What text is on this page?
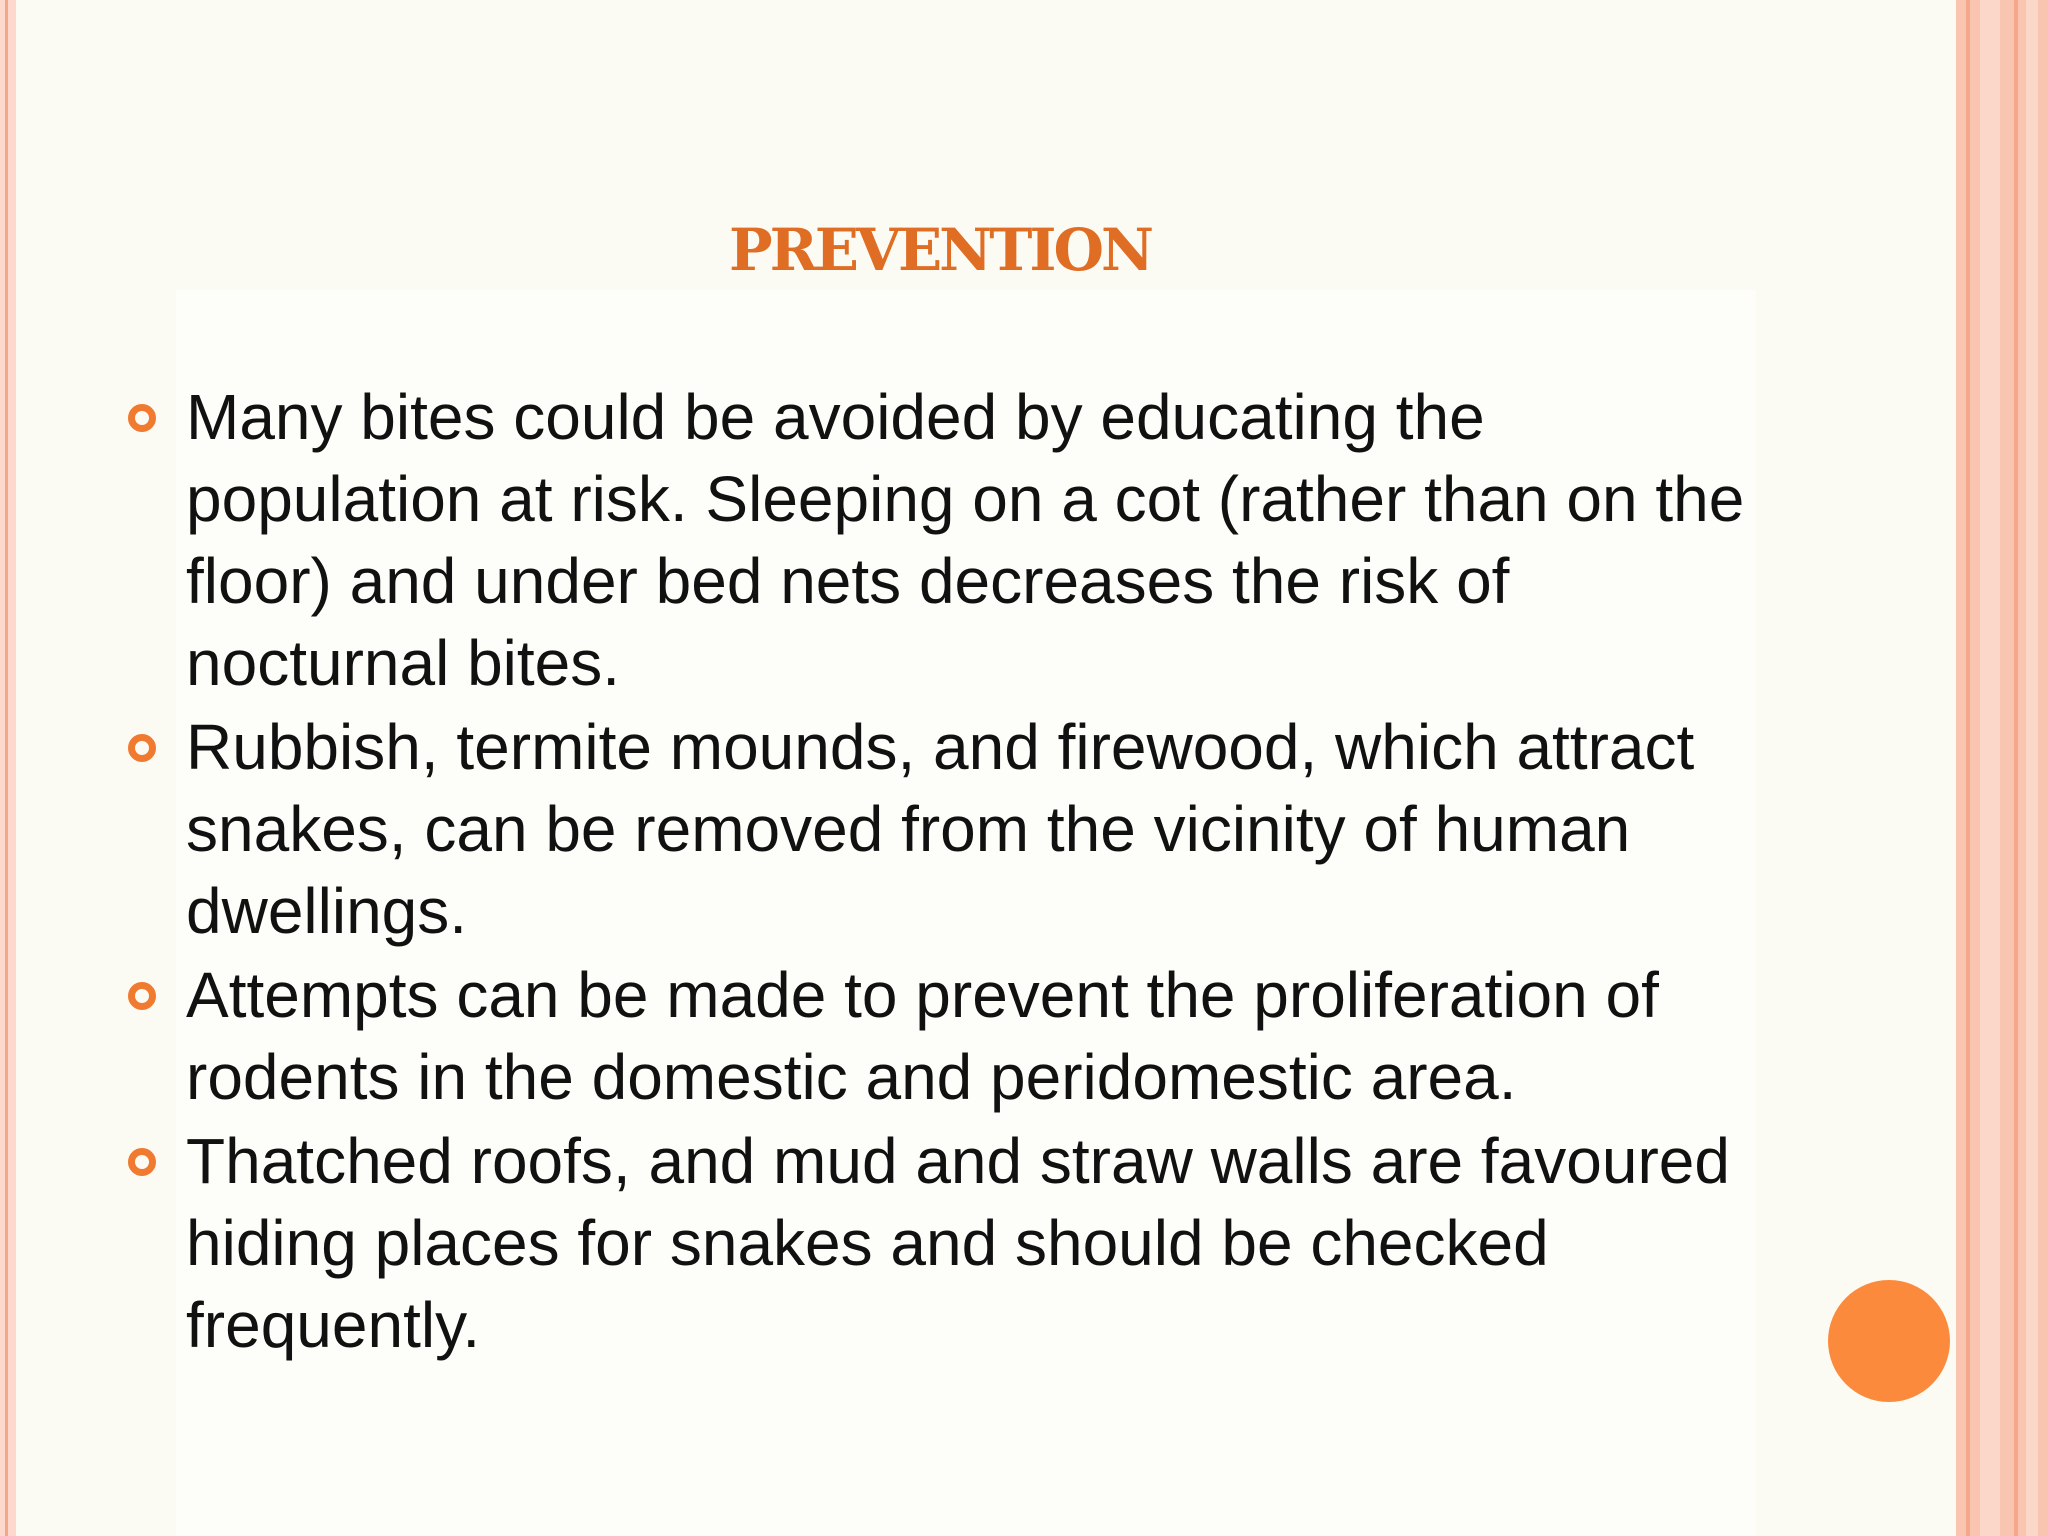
PREVENTION
Many bites could be avoided by educating the population at risk. Sleeping on a cot (rather than on the floor) and under bed nets decreases the risk of nocturnal bites.
Rubbish, termite mounds, and firewood, which attract snakes, can be removed from the vicinity of human dwellings.
Attempts can be made to prevent the proliferation of rodents in the domestic and peridomestic area.
Thatched roofs, and mud and straw walls are favoured hiding places for snakes and should be checked frequently.
